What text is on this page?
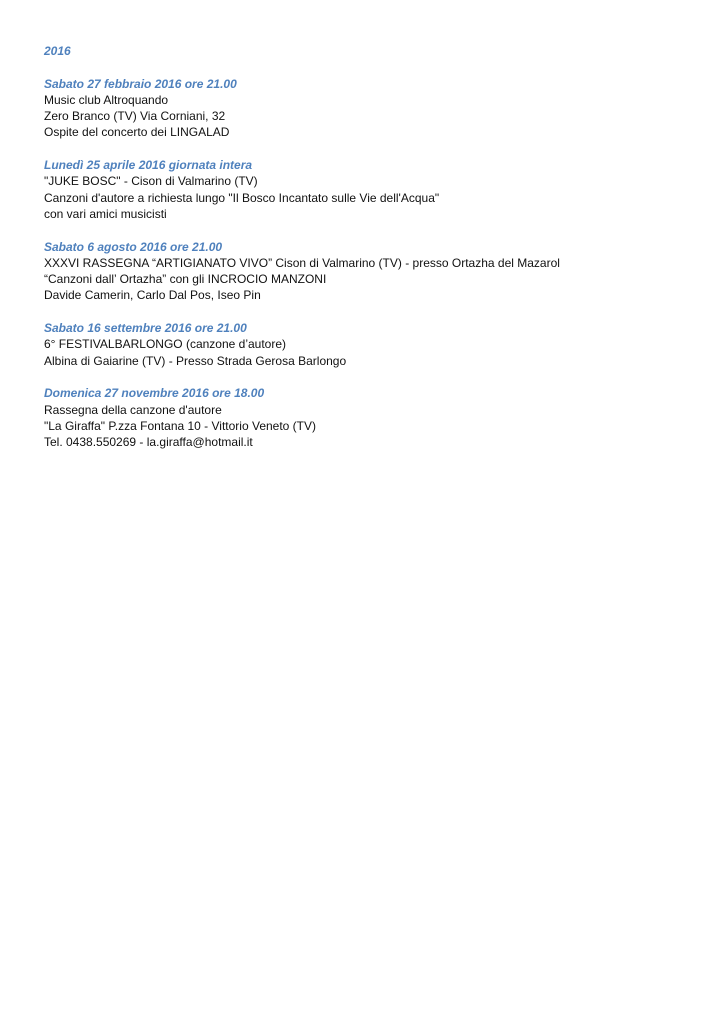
2016
Sabato 27 febbraio 2016 ore 21.00
Music club Altroquando
Zero Branco (TV) Via Corniani, 32
Ospite del concerto dei LINGALAD
Lunedì 25 aprile 2016 giornata intera
"JUKE BOSC" - Cison di Valmarino (TV)
Canzoni d'autore a richiesta lungo "Il Bosco Incantato sulle Vie dell'Acqua"
con vari amici musicisti
Sabato 6 agosto 2016 ore 21.00
XXXVI RASSEGNA “ARTIGIANATO VIVO” Cison di Valmarino (TV) - presso Ortazha del Mazarol
“Canzoni dall’ Ortazha” con gli INCROCIO MANZONI
Davide Camerin, Carlo Dal Pos, Iseo Pin
Sabato 16 settembre 2016 ore 21.00
6° FESTIVALBARLONGO (canzone d’autore)
Albina di Gaiarine (TV) - Presso Strada Gerosa Barlongo
Domenica 27 novembre 2016 ore 18.00
Rassegna della canzone d'autore
"La Giraffa" P.zza Fontana 10 - Vittorio Veneto (TV)
Tel. 0438.550269 - la.giraffa@hotmail.it
